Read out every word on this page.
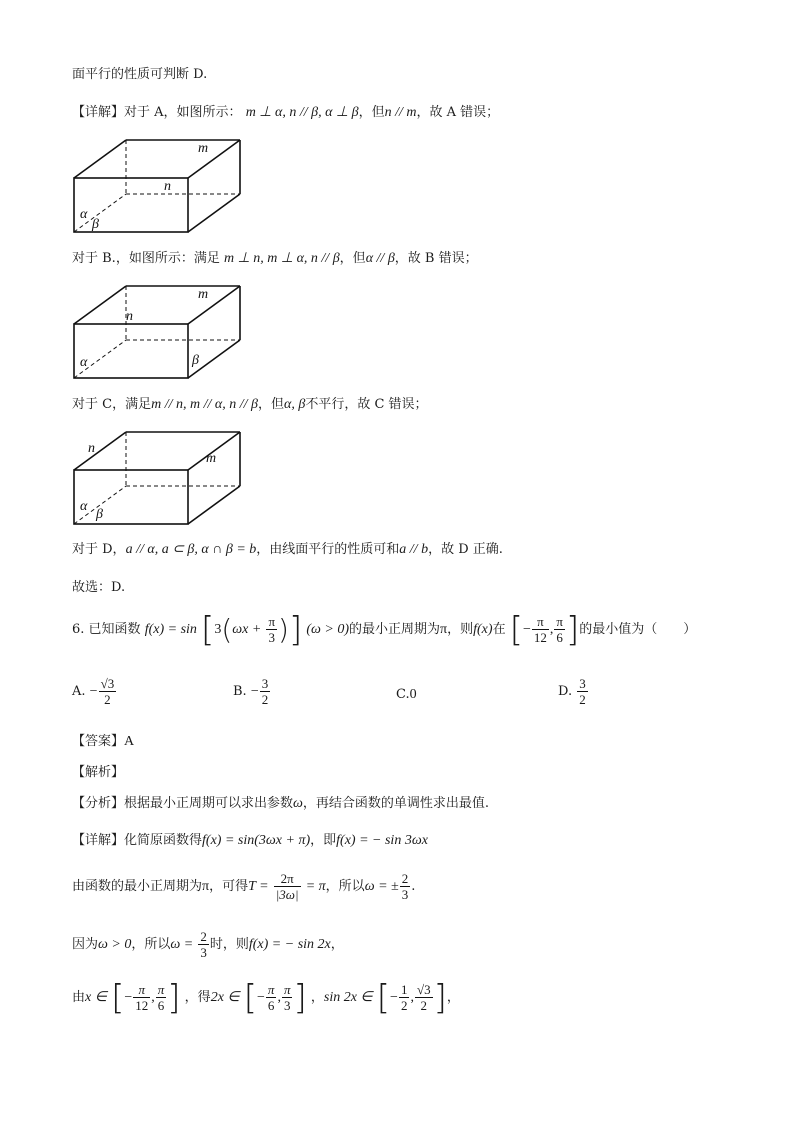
面平行的性质可判断 D.
【详解】对于 A，如图所示： m ⊥ α, n // β, α ⊥ β，但n // m，故 A 错误；
m
n
α
β
对于 B.，如图所示：满足 m ⊥ n, m ⊥ α, n // β，但α // β，故 B 错误；
m
n
α	β
对于 C，满足m // n, m // α, n // β，但α, β不平行，故 C 错误；
n
m
α
β
对于 D，a // α, a ⊂ β, α ∩ β = b，由线面平行的性质可和a // b，故 D 正确.
故选：D.
6. 已知函数 $f(x) = \sin [3(\omega x + \frac{\pi}{3}$ )] (ω > 0)的最小正周期为π，则f(x)在 [− $\frac{\pi}{12}$ , $\frac{\pi}{6}$ ]的最小值为（　　）
A. − $\frac{√3}{2}$	B. − $\frac{3}{2}$	C.0	D. $\frac{3}{2}$
【答案】A
【解析】
【分析】根据最小正周期可以求出参数ω，再结合函数的单调性求出最值.
【详解】化简原函数得f(x) = sin(3ωx + π)，即f(x) = − sin 3ωx
由函数的最小正周期为π，可得$T = \frac{2\pi}{|3\omega|} = \pi$，所以ω = ± $\frac{2}{3}$ .
因为ω > 0，所以$\omega = \frac{2}{3}$ 时，则f(x) = − sin 2x，
由x ∈ [− $\frac{\pi}{12}$ , $\frac{\pi}{6}$ ] ，得2x ∈ [− $\frac{\pi}{6}$ , $\frac{\pi}{3}$ ] ，sin 2x ∈ [− $\frac{1}{2}$ , $\frac{√3}{2}$ ]，
